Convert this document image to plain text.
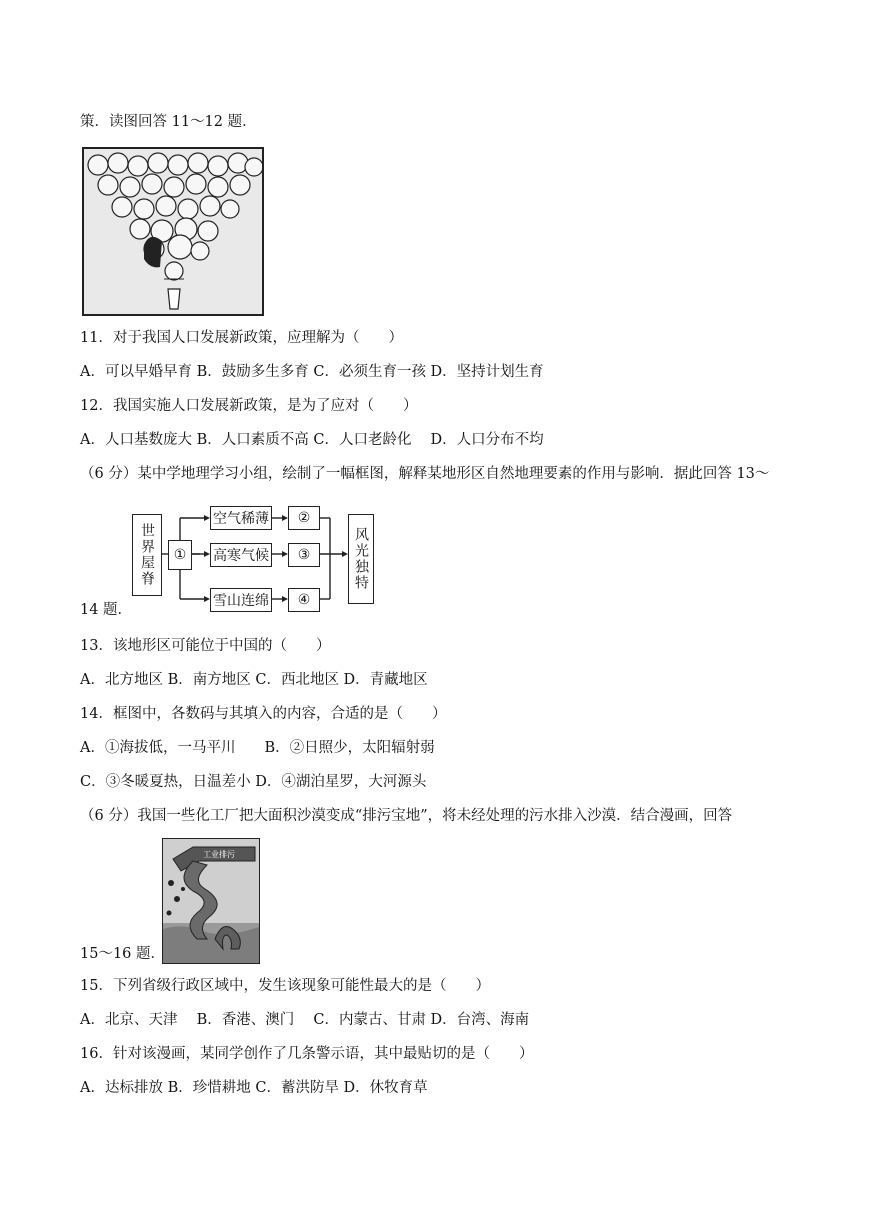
策．读图回答 11～12 题．
11．对于我国人口发展新政策，应理解为（　　）
A．可以早婚早育 B．鼓励多生多育 C．必须生育一孩 D．坚持计划生育
12．我国实施人口发展新政策，是为了应对（　　）
A．人口基数庞大 B．人口素质不高 C．人口老龄化　 D．人口分布不均
（6 分）某中学地理学习小组，绘制了一幅框图，解释某地形区自然地理要素的作用与影响．据此回答 13～
世界屋脊	①
空气稀薄
高寒气候
雪山连绵
②
③
④
风光独特
14 题．
13．该地形区可能位于中国的（　　）
A．北方地区 B．南方地区 C．西北地区 D．青藏地区
14．框图中，各数码与其填入的内容，合适的是（　　）
A．①海拔低，一马平川　　B．②日照少，太阳辐射弱
C．③冬暖夏热，日温差小 D．④湖泊星罗，大河源头
（6 分）我国一些化工厂把大面积沙漠变成“排污宝地”，将未经处理的污水排入沙漠．结合漫画，回答
工业排污
15～16 题．
15．下列省级行政区域中，发生该现象可能性最大的是（　　）
A．北京、天津　 B．香港、澳门　 C．内蒙古、甘肃 D．台湾、海南
16．针对该漫画，某同学创作了几条警示语，其中最贴切的是（　　）
A．达标排放 B．珍惜耕地 C．蓄洪防旱 D．休牧育草
